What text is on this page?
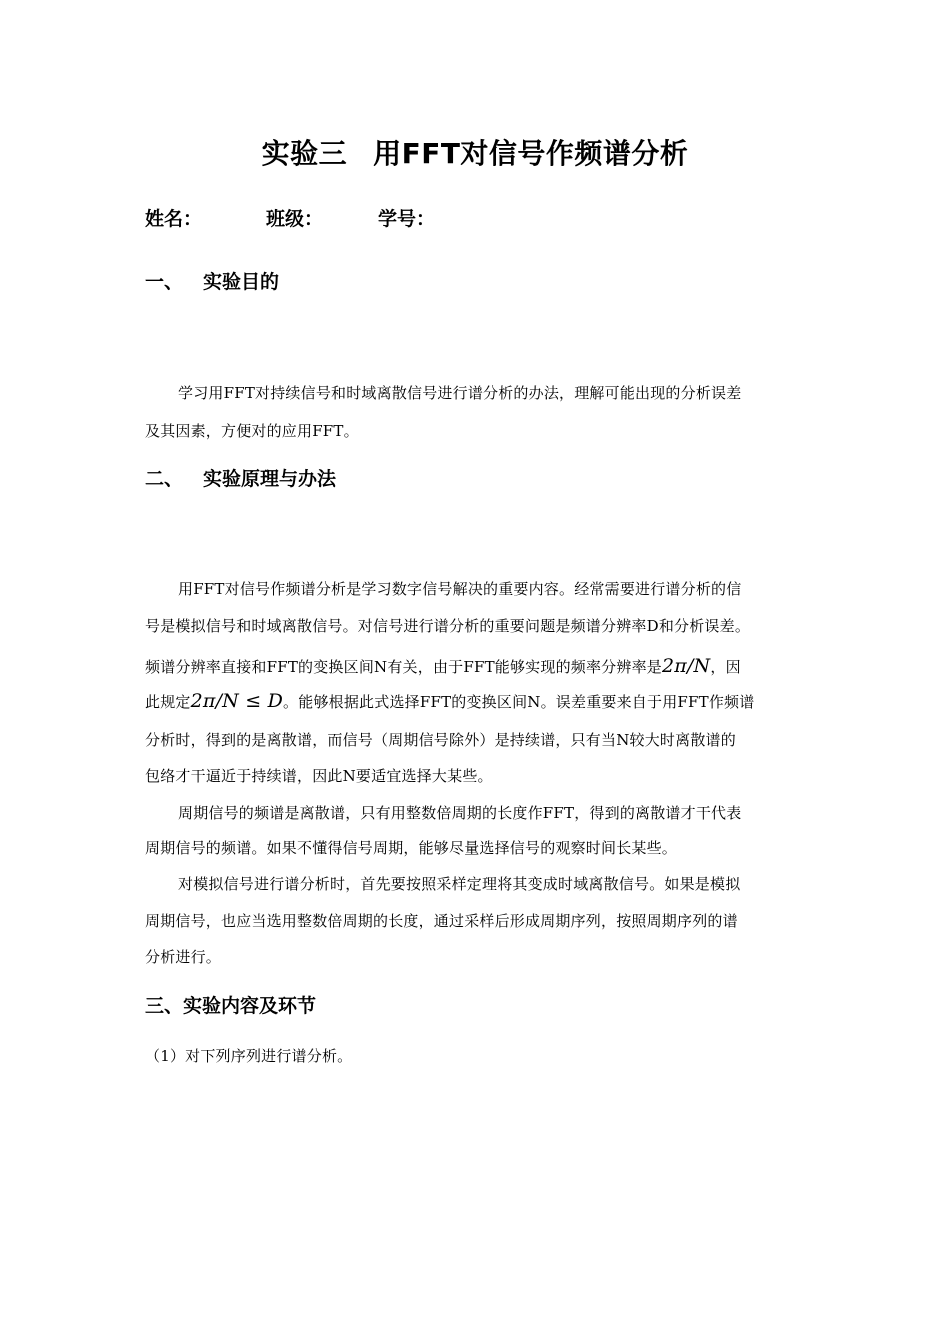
实验三 用FFT对信号作频谱分析
姓名：	班级：	学号：
一、 实验目的
学习用FFT对持续信号和时域离散信号进行谱分析的办法，理解可能出现的分析误差
及其因素，方便对的应用FFT。
二、 实验原理与办法
用FFT对信号作频谱分析是学习数字信号解决的重要内容。经常需要进行谱分析的信
号是模拟信号和时域离散信号。对信号进行谱分析的重要问题是频谱分辨率D和分析误差。
频谱分辨率直接和FFT的变换区间N有关，由于FFT能够实现的频率分辨率是2π/N，因
此规定2π/N ≤ D。能够根据此式选择FFT的变换区间N。误差重要来自于用FFT作频谱
分析时，得到的是离散谱，而信号（周期信号除外）是持续谱，只有当N较大时离散谱的
包络才干逼近于持续谱，因此N要适宜选择大某些。
周期信号的频谱是离散谱，只有用整数倍周期的长度作FFT，得到的离散谱才干代表
周期信号的频谱。如果不懂得信号周期，能够尽量选择信号的观察时间长某些。
对模拟信号进行谱分析时，首先要按照采样定理将其变成时域离散信号。如果是模拟
周期信号，也应当选用整数倍周期的长度，通过采样后形成周期序列，按照周期序列的谱
分析进行。
三、实验内容及环节
（1）对下列序列进行谱分析。
